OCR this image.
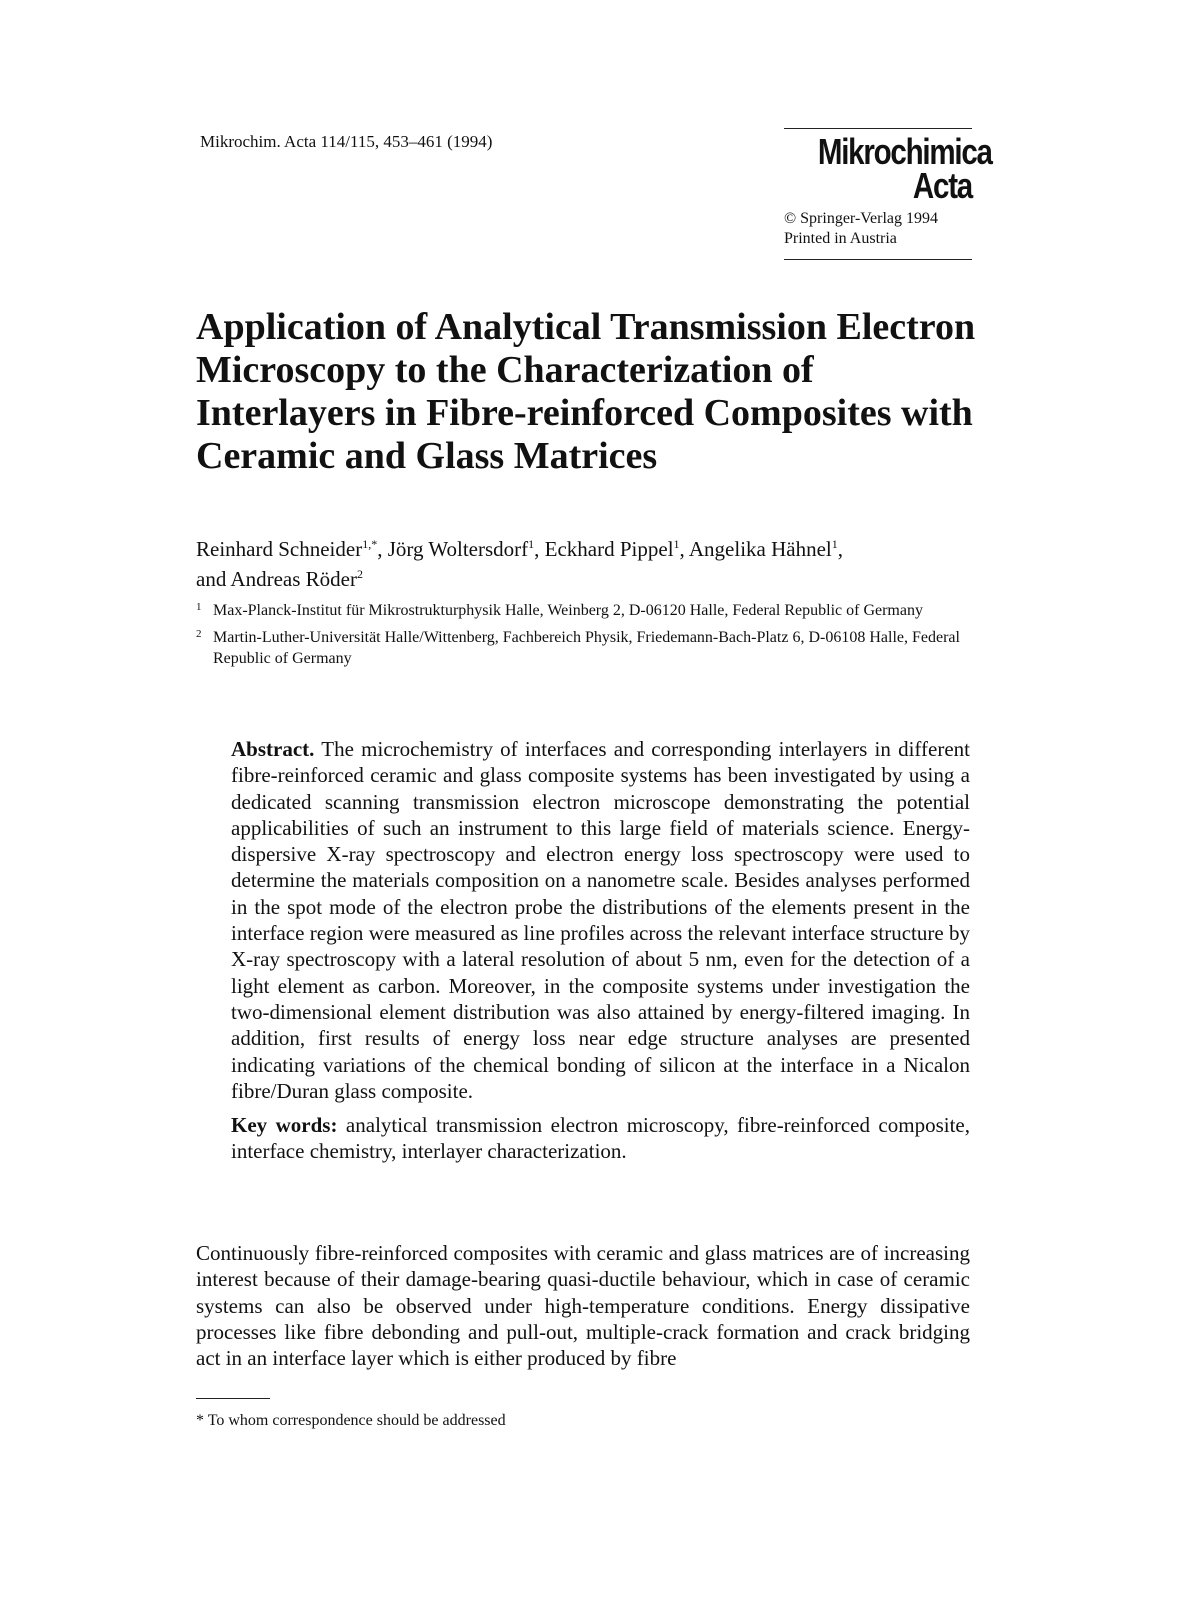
Mikrochim. Acta 114/115, 453–461 (1994)	Mikrochimica
Acta
© Springer-Verlag 1994
Printed in Austria
Application of Analytical Transmission Electron Microscopy to the Characterization of Interlayers in Fibre-reinforced Composites with Ceramic and Glass Matrices
Reinhard Schneider$^{1,*}$, Jörg Woltersdorf$^1$, Eckhard Pippel$^1$, Angelika Hähnel$^1$,
and Andreas Röder$^2$
1 Max-Planck-Institut für Mikrostrukturphysik Halle, Weinberg 2, D-06120 Halle, Federal Republic of Germany
2 Martin-Luther-Universität Halle/Wittenberg, Fachbereich Physik, Friedemann-Bach-Platz 6, D-06108 Halle, Federal Republic of Germany

Abstract. The microchemistry of interfaces and corresponding interlayers in different fibre-reinforced ceramic and glass composite systems has been investigated by using a dedicated scanning transmission electron microscope demonstrating the potential applicabilities of such an instrument to this large field of materials science. Energy-dispersive X-ray spectroscopy and electron energy loss spectroscopy were used to determine the materials composition on a nanometre scale. Besides analyses performed in the spot mode of the electron probe the distributions of the elements present in the interface region were measured as line profiles across the relevant interface structure by X-ray spectroscopy with a lateral resolution of about 5 nm, even for the detection of a light element as carbon. Moreover, in the composite systems under investigation the two-dimensional element distribution was also attained by energy-filtered imaging. In addition, first results of energy loss near edge structure analyses are presented indicating variations of the chemical bonding of silicon at the interface in a Nicalon fibre/Duran glass composite.

Key words: analytical transmission electron microscopy, fibre-reinforced composite, interface chemistry, interlayer characterization.

Continuously fibre-reinforced composites with ceramic and glass matrices are of increasing interest because of their damage-bearing quasi-ductile behaviour, which in case of ceramic systems can also be observed under high-temperature conditions. Energy dissipative processes like fibre debonding and pull-out, multiple-crack formation and crack bridging act in an interface layer which is either produced by fibre

* To whom correspondence should be addressed
